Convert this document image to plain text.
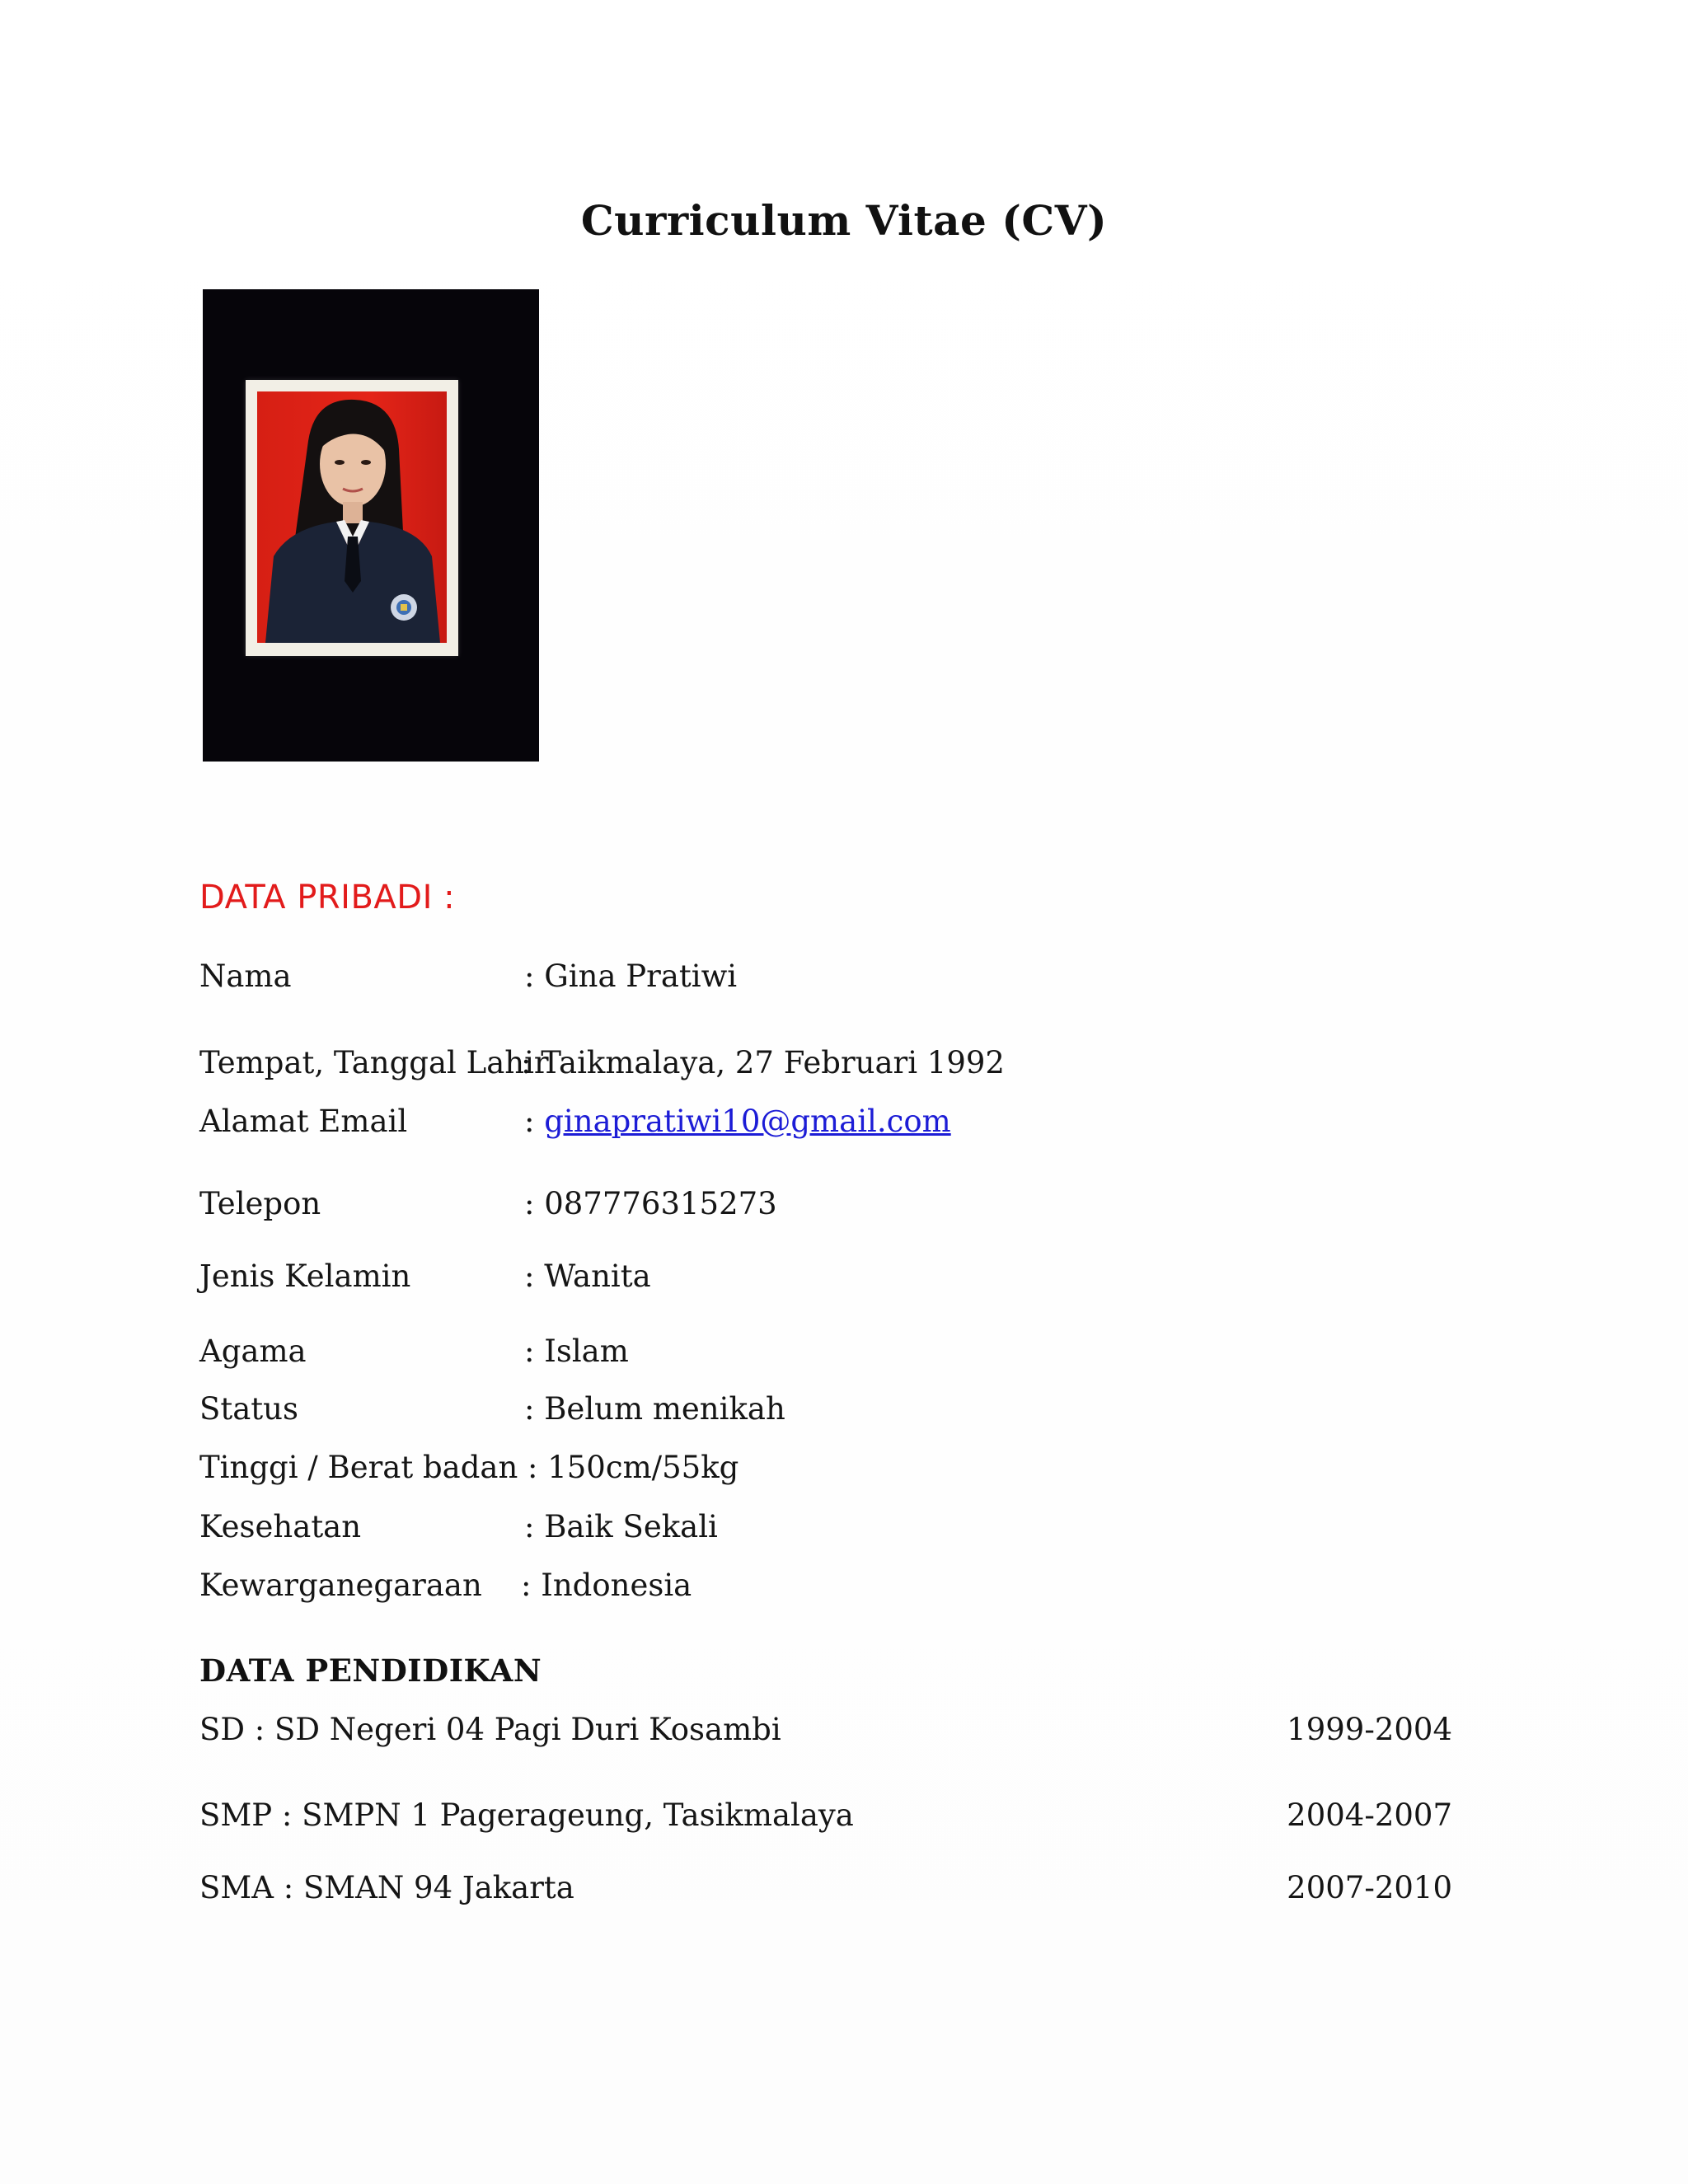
Curriculum Vitae (CV)
DATA PRIBADI :
Nama	: Gina Pratiwi
Tempat, Tanggal Lahir
: Taikmalaya, 27 Februari 1992
Alamat Email	: ginapratiwi10@gmail.com
Telepon	: 087776315273
Jenis Kelamin	: Wanita
Agama	: Islam
Status	: Belum menikah
Tinggi / Berat badan : 150cm/55kg
Kesehatan	: Baik Sekali
Kewarganegaraan : Indonesia
DATA PENDIDIKAN
SD : SD Negeri 04 Pagi Duri Kosambi	1999-2004
SMP : SMPN 1 Pagerageung, Tasikmalaya	2004-2007
SMA : SMAN 94 Jakarta	2007-2010
